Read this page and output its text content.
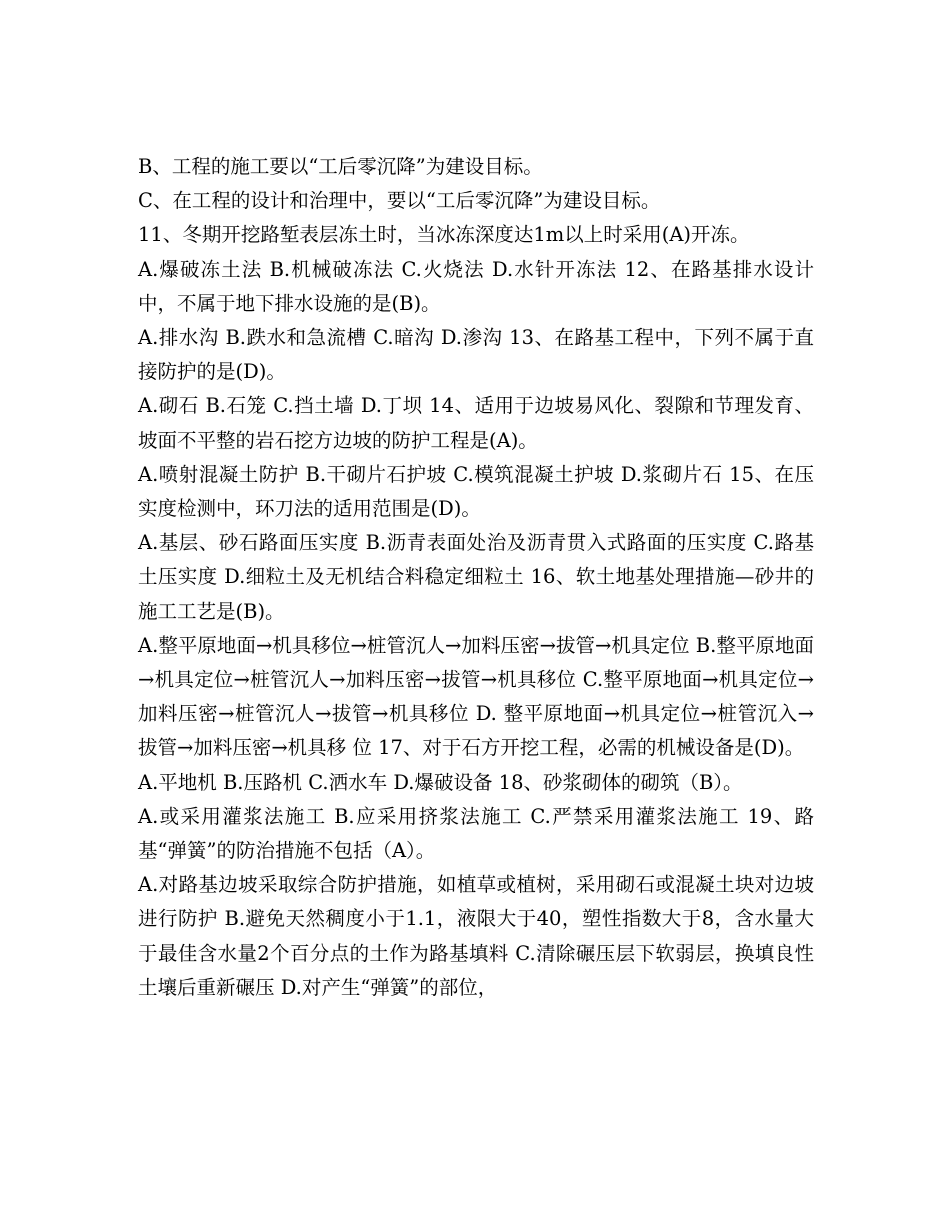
B、工程的施工要以“工后零沉降”为建设目标。

C、在工程的设计和治理中，要以“工后零沉降”为建设目标。

11、冬期开挖路堑表层冻土时，当冰冻深度达1m以上时采用(A)开冻。

A.爆破冻土法 B.机械破冻法 C.火烧法 D.水针开冻法 12、在路基排水设计中，不属于地下排水设施的是(B)。

A.排水沟 B.跌水和急流槽 C.暗沟 D.渗沟 13、在路基工程中，下列不属于直接防护的是(D)。

A.砌石 B.石笼 C.挡土墙 D.丁坝 14、适用于边坡易风化、裂隙和节理发育、坡面不平整的岩石挖方边坡的防护工程是(A)。

A.喷射混凝土防护 B.干砌片石护坡 C.模筑混凝土护坡 D.浆砌片石 15、在压实度检测中，环刀法的适用范围是(D)。

A.基层、砂石路面压实度 B.沥青表面处治及沥青贯入式路面的压实度 C.路基土压实度 D.细粒土及无机结合料稳定细粒土 16、软土地基处理措施—砂井的施工工艺是(B)。

A.整平原地面→机具移位→桩管沉人→加料压密→拔管→机具定位 B.整平原地面→机具定位→桩管沉人→加料压密→拔管→机具移位 C.整平原地面→机具定位→加料压密→桩管沉人→拔管→机具移位 D. 整平原地面→机具定位→桩管沉入→拔管→加料压密→机具移 位 17、对于石方开挖工程，必需的机械设备是(D)。

A.平地机 B.压路机 C.洒水车 D.爆破设备 18、砂浆砌体的砌筑（B）。

A.或采用灌浆法施工 B.应采用挤浆法施工 C.严禁采用灌浆法施工 19、路基“弹簧”的防治措施不包括（A）。

A.对路基边坡采取综合防护措施，如植草或植树，采用砌石或混凝土块对边坡进行防护 B.避免天然稠度小于1.1，液限大于40，塑性指数大于8，含水量大于最佳含水量2个百分点的土作为路基填料 C.清除碾压层下软弱层，换填良性土壤后重新碾压 D.对产生“弹簧”的部位，
